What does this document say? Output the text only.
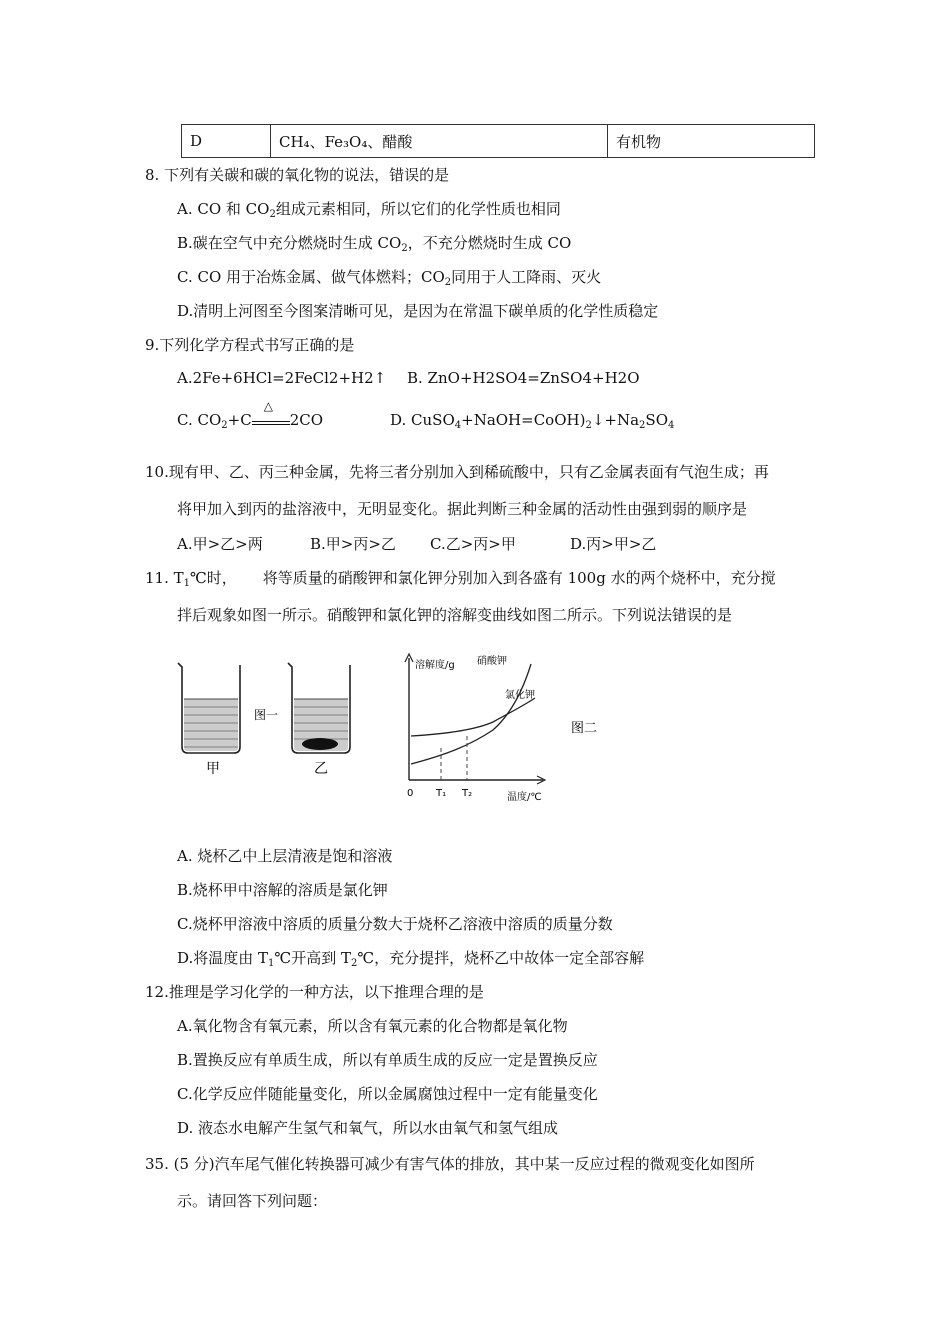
D	CH₄、Fe₃O₄、醋酸	有机物
8. 下列有关碳和碳的氧化物的说法，错误的是
A. CO 和 $CO_2$组成元素相同，所以它们的化学性质也相同
B.碳在空气中充分燃烧时生成 $CO_2$，不充分燃烧时生成 CO
C. CO 用于冶炼金属、做气体燃料；$CO_2$同用于人工降雨、灭火
D.清明上河图至今图案清晰可见，是因为在常温下碳单质的化学性质稳定
9.下列化学方程式书写正确的是
A.2Fe+6HCl=2FeCl2+H2↑ B. ZnO+H2SO4=ZnSO4+H2O
C. $CO_2+C$
△
2CO	D. $CuSO_4+NaOH=CoOH)_2↓+Na_2SO_4$
10.现有甲、乙、丙三种金属，先将三者分别加入到稀硫酸中，只有乙金属表面有气泡生成；再
将甲加入到丙的盐溶液中，无明显变化。据此判断三种金属的活动性由强到弱的顺序是
A.甲>乙>两	B.甲>丙>乙 C.乙>丙>甲	D.丙>甲>乙
11. $T_1℃$时， 将等质量的硝酸钾和氯化钾分别加入到各盛有 100g 水的两个烧杯中，充分搅
拌后观象如图一所示。硝酸钾和氯化钾的溶解变曲线如图二所示。下列说法错误的是
甲
图一
乙
溶解度/g 硝酸钾
氯化钾
0 T₁ T₂	温度/℃
图二
A. 烧杯乙中上层清液是饱和溶液
B.烧杯甲中溶解的溶质是氯化钾
C.烧杯甲溶液中溶质的质量分数大于烧杯乙溶液中溶质的质量分数
D.将温度由 $T_1℃$开高到 $T_2℃$，充分提拌，烧杯乙中故体一定全部容解
12.推理是学习化学的一种方法，以下推理合理的是
A.氧化物含有氧元素，所以含有氧元素的化合物都是氧化物
B.置换反应有单质生成，所以有单质生成的反应一定是置换反应
C.化学反应伴随能量变化，所以金属腐蚀过程中一定有能量变化
D. 液态水电解产生氢气和氧气，所以水由氧气和氢气组成
35. (5 分)汽车尾气催化转换器可减少有害气体的排放，其中某一反应过程的微观变化如图所
示。请回答下列问题：
